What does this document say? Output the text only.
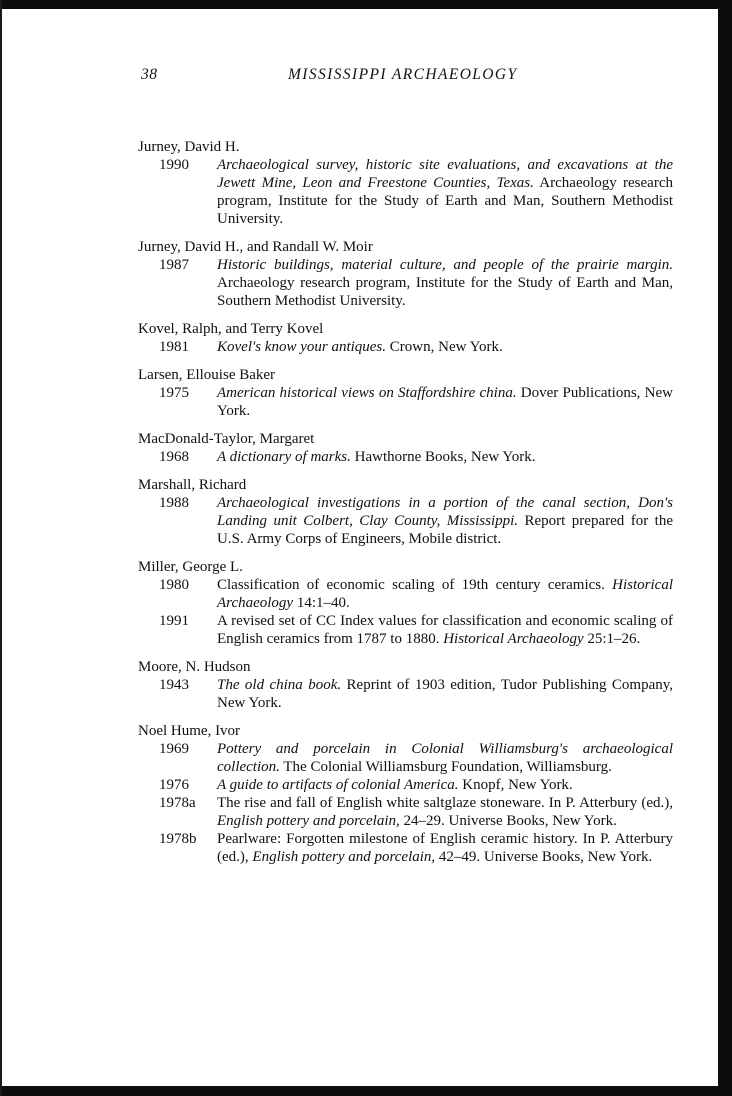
38	MISSISSIPPI ARCHAEOLOGY
Jurney, David H.
1990	Archaeological survey, historic site evaluations, and excavations at the Jewett Mine, Leon and Freestone Counties, Texas. Archaeology research program, Institute for the Study of Earth and Man, Southern Methodist University.
Jurney, David H., and Randall W. Moir
1987	Historic buildings, material culture, and people of the prairie margin. Archaeology research program, Institute for the Study of Earth and Man, Southern Methodist University.
Kovel, Ralph, and Terry Kovel
1981	Kovel's know your antiques. Crown, New York.
Larsen, Ellouise Baker
1975	American historical views on Staffordshire china. Dover Publications, New York.
MacDonald-Taylor, Margaret
1968	A dictionary of marks. Hawthorne Books, New York.
Marshall, Richard
1988	Archaeological investigations in a portion of the canal section, Don's Landing unit Colbert, Clay County, Mississippi. Report prepared for the U.S. Army Corps of Engineers, Mobile district.
Miller, George L.
1980	Classification of economic scaling of 19th century ceramics. Historical Archaeology 14:1–40.
1991	A revised set of CC Index values for classification and economic scaling of English ceramics from 1787 to 1880. Historical Archaeology 25:1–26.
Moore, N. Hudson
1943	The old china book. Reprint of 1903 edition, Tudor Publishing Company, New York.
Noel Hume, Ivor
1969	Pottery and porcelain in Colonial Williamsburg's archaeological collection. The Colonial Williamsburg Foundation, Williamsburg.
1976	A guide to artifacts of colonial America. Knopf, New York.
1978a	The rise and fall of English white saltglaze stoneware. In P. Atterbury (ed.), English pottery and porcelain, 24–29. Universe Books, New York.
1978b	Pearlware: Forgotten milestone of English ceramic history. In P. Atterbury (ed.), English pottery and porcelain, 42–49. Universe Books, New York.
